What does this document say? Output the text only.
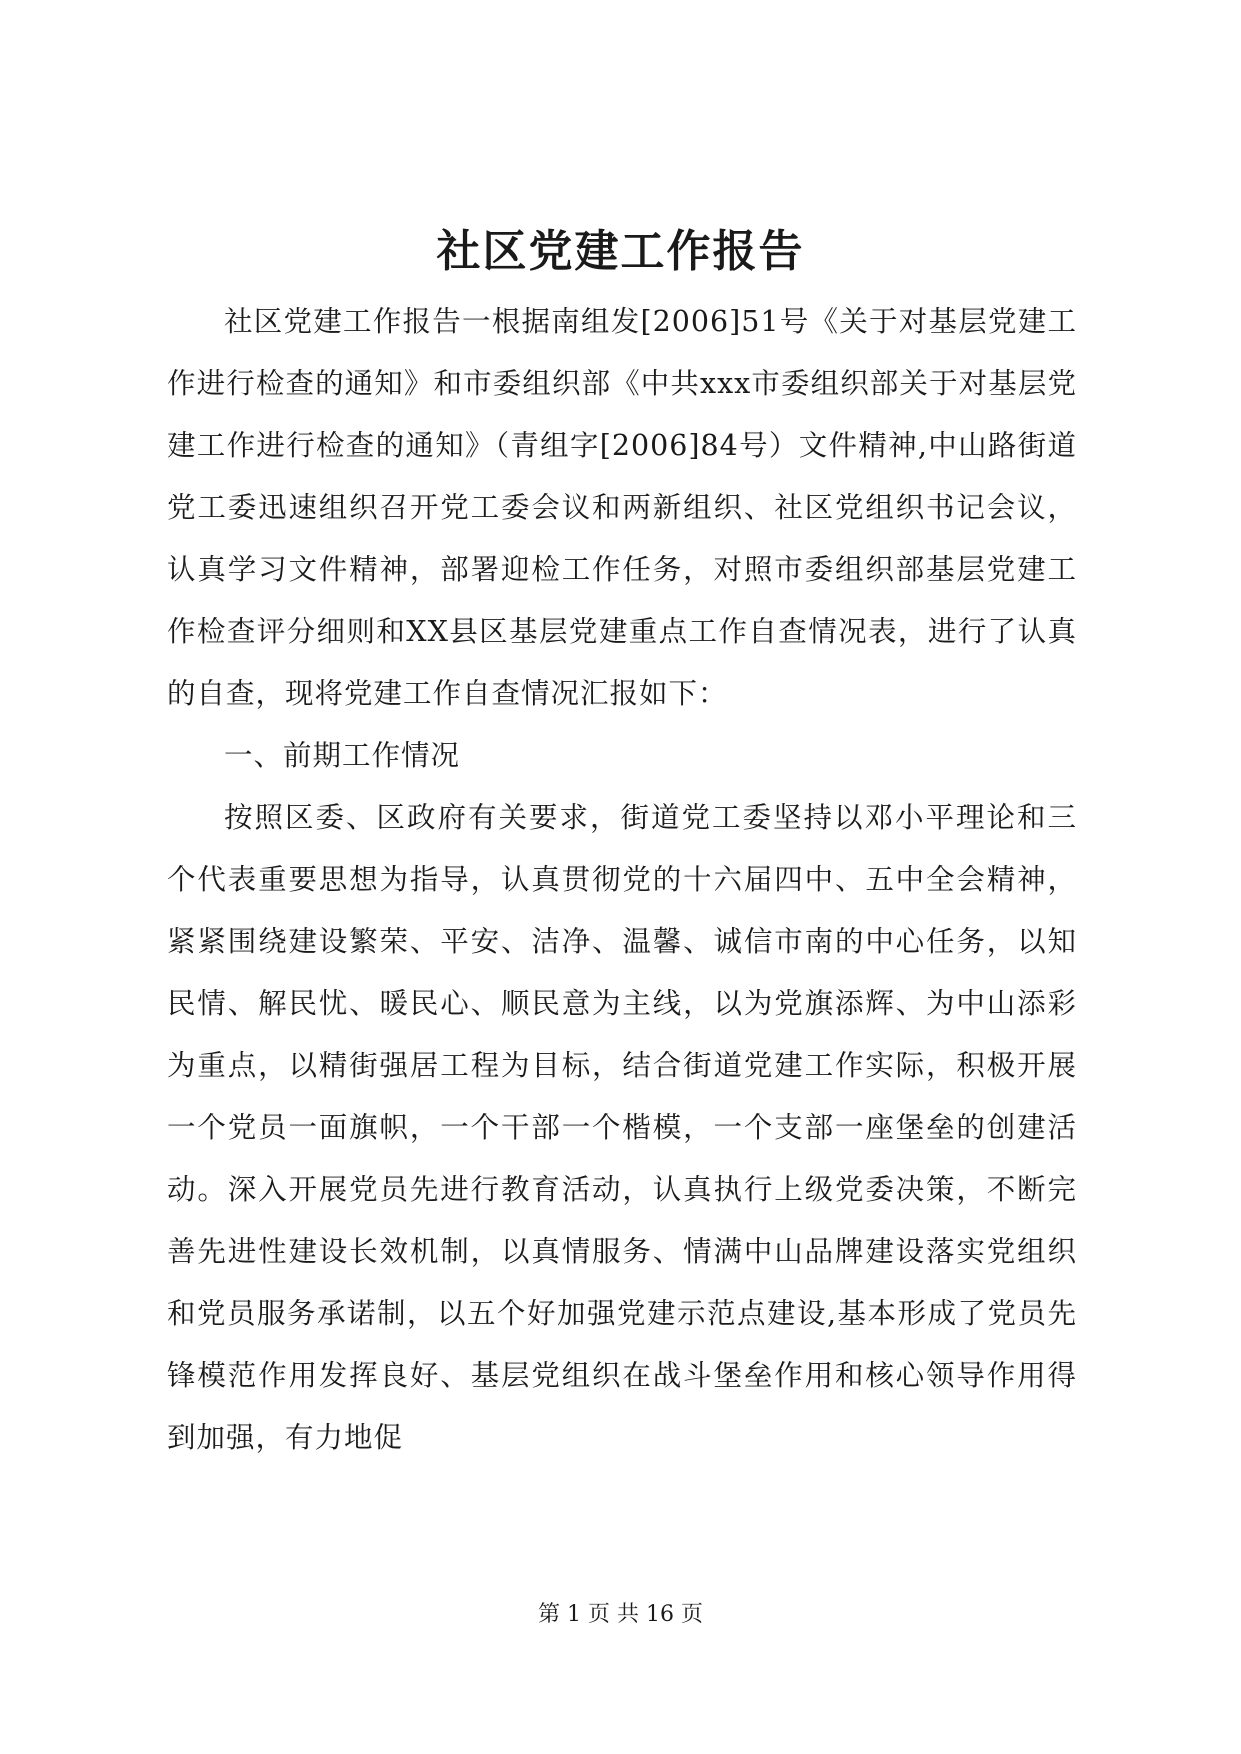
社区党建工作报告

社区党建工作报告一根据南组发[2006]51号《关于对基层党建工作进行检查的通知》和市委组织部《中共xxx市委组织部关于对基层党建工作进行检查的通知》（青组字[2006]84号）文件精神,中山路街道党工委迅速组织召开党工委会议和两新组织、社区党组织书记会议，认真学习文件精神，部署迎检工作任务，对照市委组织部基层党建工作检查评分细则和XX县区基层党建重点工作自查情况表，进行了认真的自查，现将党建工作自查情况汇报如下：

一、前期工作情况

按照区委、区政府有关要求，街道党工委坚持以邓小平理论和三个代表重要思想为指导，认真贯彻党的十六届四中、五中全会精神，紧紧围绕建设繁荣、平安、洁净、温馨、诚信市南的中心任务，以知民情、解民忧、暖民心、顺民意为主线，以为党旗添辉、为中山添彩为重点，以精街强居工程为目标，结合街道党建工作实际，积极开展一个党员一面旗帜，一个干部一个楷模，一个支部一座堡垒的创建活动。深入开展党员先进行教育活动，认真执行上级党委决策，不断完善先进性建设长效机制，以真情服务、情满中山品牌建设落实党组织和党员服务承诺制，以五个好加强党建示范点建设,基本形成了党员先锋模范作用发挥良好、基层党组织在战斗堡垒作用和核心领导作用得到加强，有力地促

第 1 页 共 16 页
